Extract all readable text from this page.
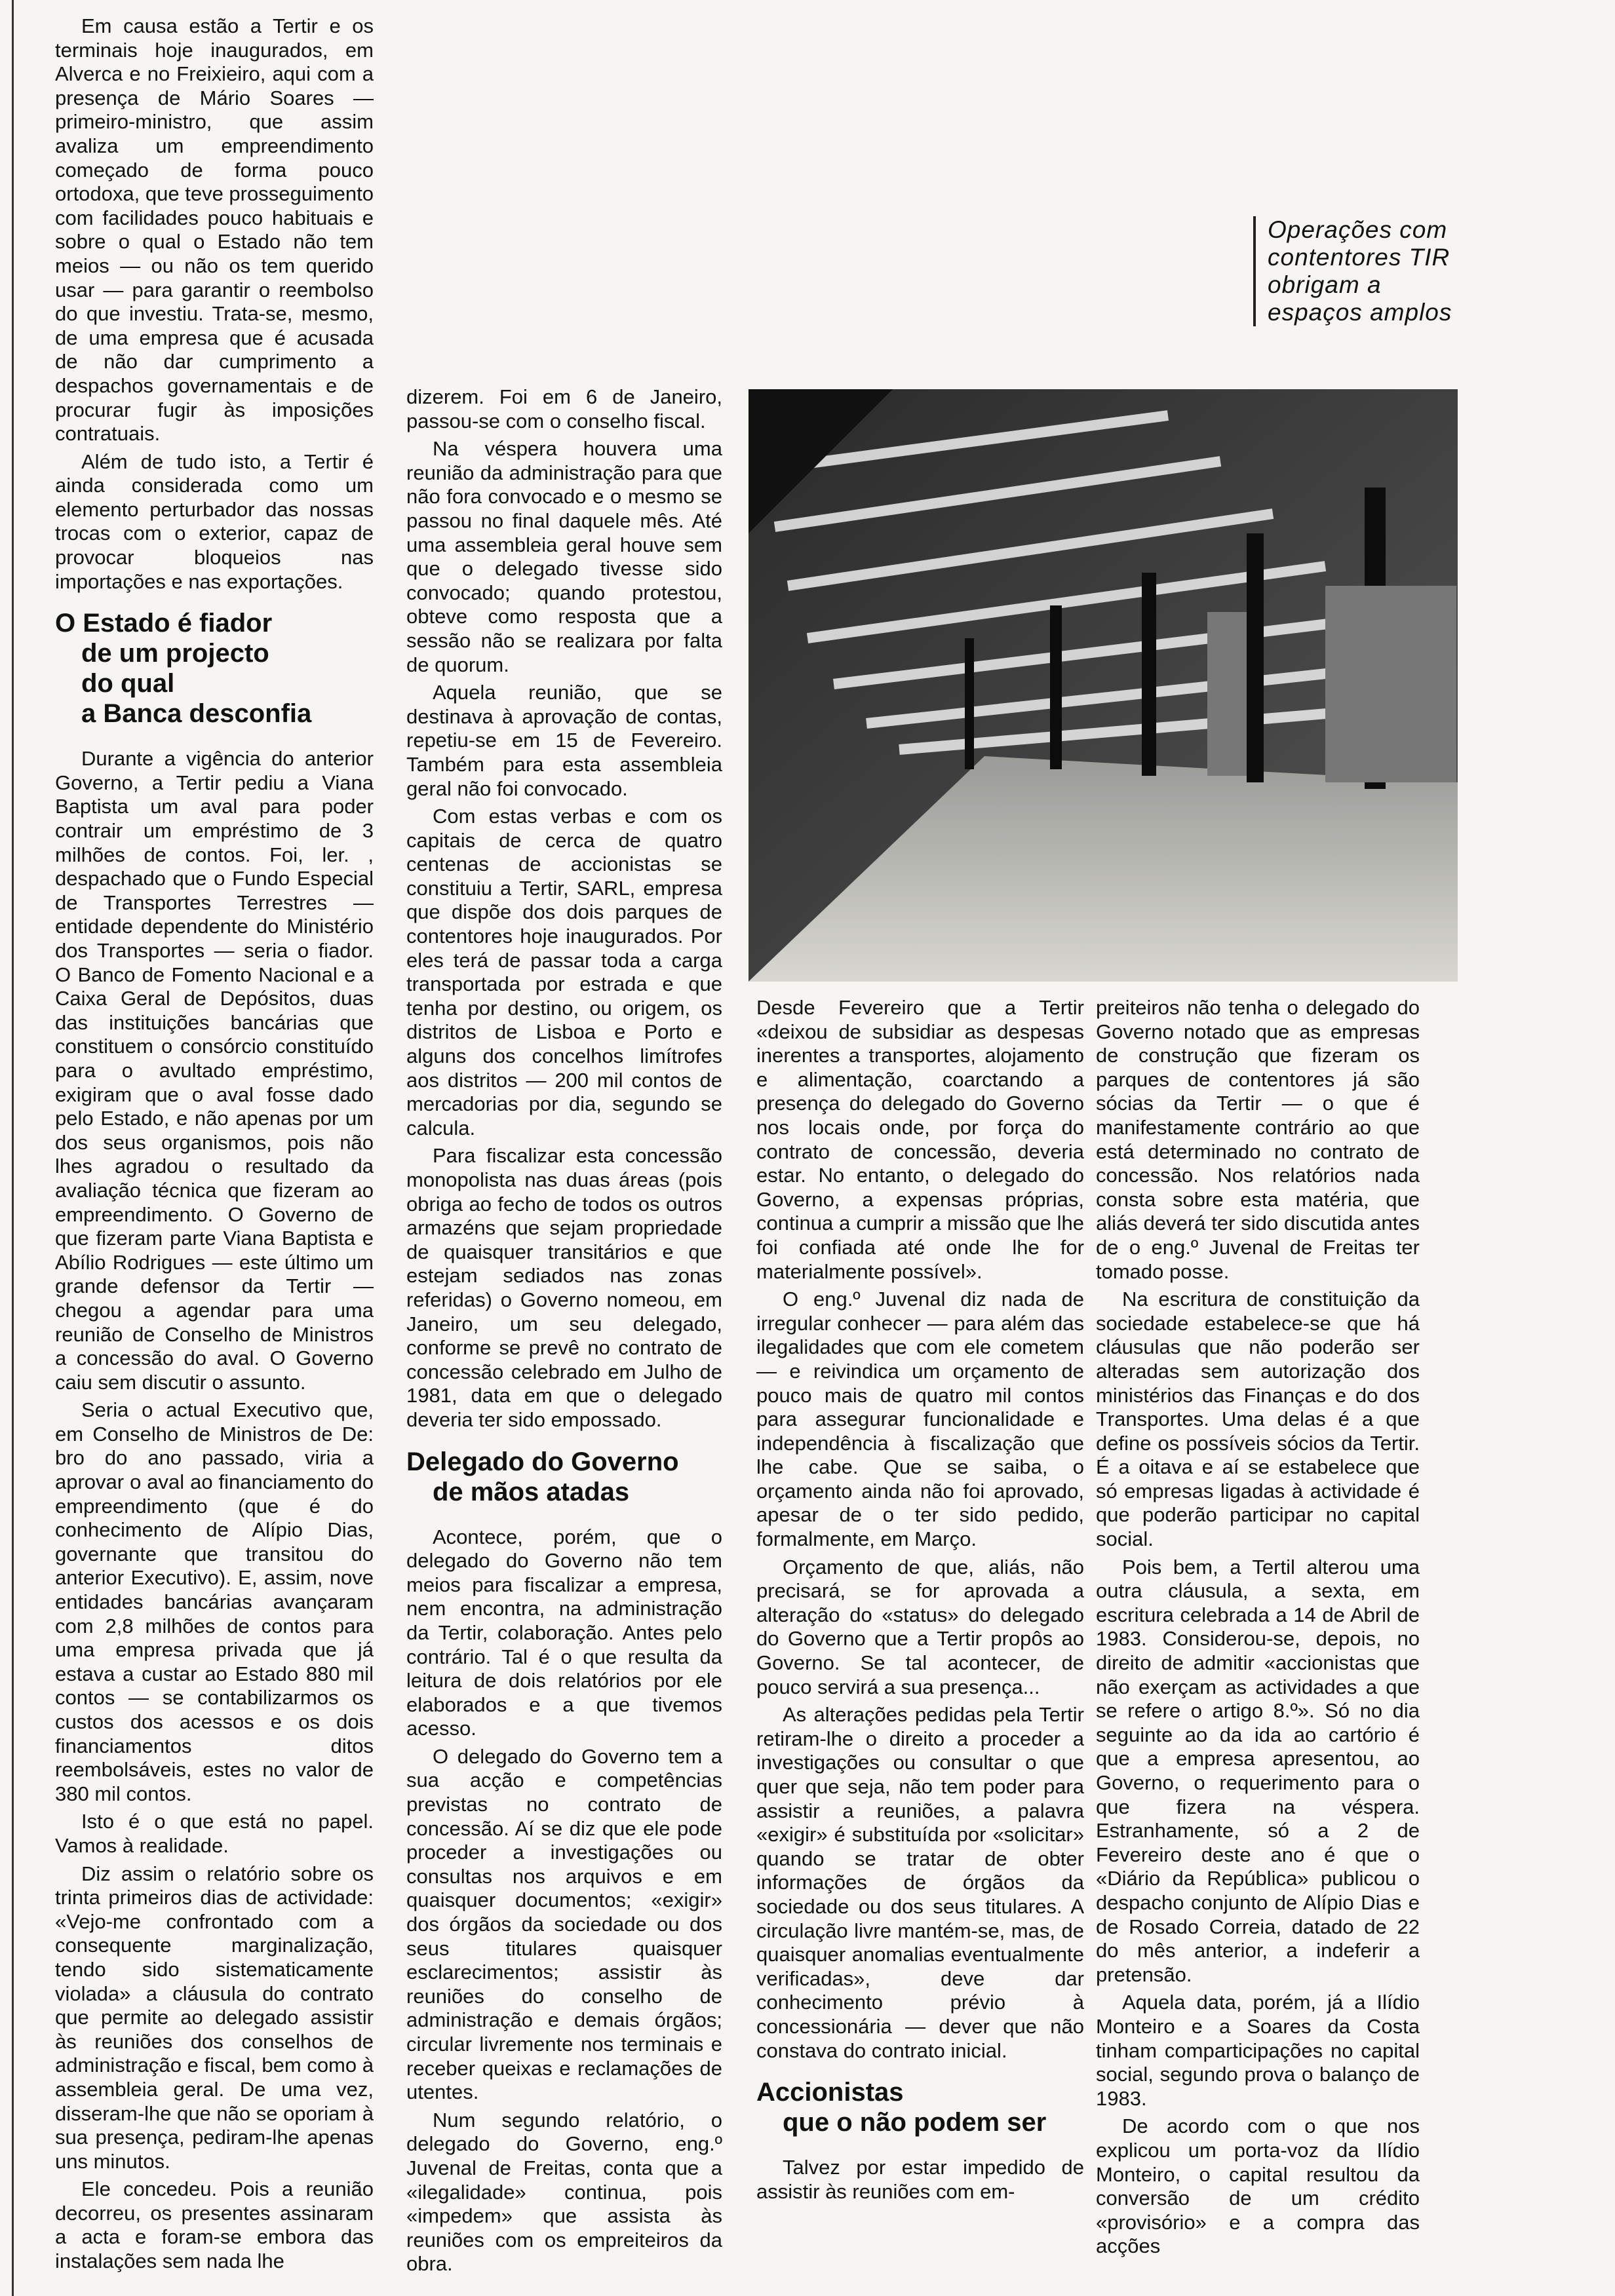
Em causa estão a Tertir e os terminais hoje inaugurados, em Alverca e no Freixieiro, aqui com a presença de Mário Soares — primeiro-ministro, que assim avaliza um empreendimento começado de forma pouco ortodoxa, que teve prosseguimento com facilidades pouco habituais e sobre o qual o Estado não tem meios — ou não os tem querido usar — para garantir o reembolso do que investiu. Trata-se, mesmo, de uma empresa que é acusada de não dar cumprimento a despachos governamentais e de procurar fugir às imposições contratuais.

Além de tudo isto, a Tertir é ainda considerada como um elemento perturbador das nossas trocas com o exterior, capaz de provocar bloqueios nas importações e nas exportações.

O Estado é fiador
de um projecto
do qual
a Banca desconfia

Durante a vigência do anterior Governo, a Tertir pediu a Viana Baptista um aval para poder contrair um empréstimo de 3 milhões de contos. Foi, ler. , despachado que o Fundo Especial de Transportes Terrestres — entidade dependente do Ministério dos Transportes — seria o fiador. O Banco de Fomento Nacional e a Caixa Geral de Depósitos, duas das instituições bancárias que constituem o consórcio constituído para o avultado empréstimo, exigiram que o aval fosse dado pelo Estado, e não apenas por um dos seus organismos, pois não lhes agradou o resultado da avaliação técnica que fizeram ao empreendimento. O Governo de que fizeram parte Viana Baptista e Abílio Rodrigues — este último um grande defensor da Tertir — chegou a agendar para uma reunião de Conselho de Ministros a concessão do aval. O Governo caiu sem discutir o assunto.

Seria o actual Executivo que, em Conselho de Ministros de De: bro do ano passado, viria a aprovar o aval ao financiamento do empreendimento (que é do conhecimento de Alípio Dias, governante que transitou do anterior Executivo). E, assim, nove entidades bancárias avançaram com 2,8 milhões de contos para uma empresa privada que já estava a custar ao Estado 880 mil contos — se contabilizarmos os custos dos acessos e os dois financiamentos ditos reembolsáveis, estes no valor de 380 mil contos.

Isto é o que está no papel. Vamos à realidade.

Diz assim o relatório sobre os trinta primeiros dias de actividade: «Vejo-me confrontado com a consequente marginalização, tendo sido sistematicamente violada» a cláusula do contrato que permite ao delegado assistir às reuniões dos conselhos de administração e fiscal, bem como à assembleia geral. De uma vez, disseram-lhe que não se oporiam à sua presença, pediram-lhe apenas uns minutos.

Ele concedeu. Pois a reunião decorreu, os presentes assinaram a acta e foram-se embora das instalações sem nada lhe

dizerem. Foi em 6 de Janeiro, passou-se com o conselho fiscal.

Na véspera houvera uma reunião da administração para que não fora convocado e o mesmo se passou no final daquele mês. Até uma assembleia geral houve sem que o delegado tivesse sido convocado; quando protestou, obteve como resposta que a sessão não se realizara por falta de quorum.

Aquela reunião, que se destinava à aprovação de contas, repetiu-se em 15 de Fevereiro. Também para esta assembleia geral não foi convocado.

Com estas verbas e com os capitais de cerca de quatro centenas de accionistas se constituiu a Tertir, SARL, empresa que dispõe dos dois parques de contentores hoje inaugurados. Por eles terá de passar toda a carga transportada por estrada e que tenha por destino, ou origem, os distritos de Lisboa e Porto e alguns dos concelhos limítrofes aos distritos — 200 mil contos de mercadorias por dia, segundo se calcula.

Para fiscalizar esta concessão monopolista nas duas áreas (pois obriga ao fecho de todos os outros armazéns que sejam propriedade de quaisquer transitários e que estejam sediados nas zonas referidas) o Governo nomeou, em Janeiro, um seu delegado, conforme se prevê no contrato de concessão celebrado em Julho de 1981, data em que o delegado deveria ter sido empossado.

Delegado do Governo
de mãos atadas

Acontece, porém, que o delegado do Governo não tem meios para fiscalizar a empresa, nem encontra, na administração da Tertir, colaboração. Antes pelo contrário. Tal é o que resulta da leitura de dois relatórios por ele elaborados e a que tivemos acesso.

O delegado do Governo tem a sua acção e competências previstas no contrato de concessão. Aí se diz que ele pode proceder a investigações ou consultas nos arquivos e em quaisquer documentos; «exigir» dos órgãos da sociedade ou dos seus titulares quaisquer esclarecimentos; assistir às reuniões do conselho de administração e demais órgãos; circular livremente nos terminais e receber queixas e reclamações de utentes.

Num segundo relatório, o delegado do Governo, eng.º Juvenal de Freitas, conta que a «ilegalidade» continua, pois «impedem» que assista às reuniões com os empreiteiros da obra.

Operações com contentores TIR obrigam a espaços amplos

Desde Fevereiro que a Tertir «deixou de subsidiar as despesas inerentes a transportes, alojamento e alimentação, coarctando a presença do delegado do Governo nos locais onde, por força do contrato de concessão, deveria estar. No entanto, o delegado do Governo, a expensas próprias, continua a cumprir a missão que lhe foi confiada até onde lhe for materialmente possível».

O eng.º Juvenal diz nada de irregular conhecer — para além das ilegalidades que com ele cometem — e reivindica um orçamento de pouco mais de quatro mil contos para assegurar funcionalidade e independência à fiscalização que lhe cabe. Que se saiba, o orçamento ainda não foi aprovado, apesar de o ter sido pedido, formalmente, em Março.

Orçamento de que, aliás, não precisará, se for aprovada a alteração do «status» do delegado do Governo que a Tertir propôs ao Governo. Se tal acontecer, de pouco servirá a sua presença...

As alterações pedidas pela Tertir retiram-lhe o direito a proceder a investigações ou consultar o que quer que seja, não tem poder para assistir a reuniões, a palavra «exigir» é substituída por «solicitar» quando se tratar de obter informações de órgãos da sociedade ou dos seus titulares. A circulação livre mantém-se, mas, de quaisquer anomalias eventualmente verificadas», deve dar conhecimento prévio à concessionária — dever que não constava do contrato inicial.

Accionistas
que o não podem ser

Talvez por estar impedido de assistir às reuniões com em-

preiteiros não tenha o delegado do Governo notado que as empresas de construção que fizeram os parques de contentores já são sócias da Tertir — o que é manifestamente contrário ao que está determinado no contrato de concessão. Nos relatórios nada consta sobre esta matéria, que aliás deverá ter sido discutida antes de o eng.º Juvenal de Freitas ter tomado posse.

Na escritura de constituição da sociedade estabelece-se que há cláusulas que não poderão ser alteradas sem autorização dos ministérios das Finanças e do dos Transportes. Uma delas é a que define os possíveis sócios da Tertir. É a oitava e aí se estabelece que só empresas ligadas à actividade é que poderão participar no capital social.

Pois bem, a Tertil alterou uma outra cláusula, a sexta, em escritura celebrada a 14 de Abril de 1983. Considerou-se, depois, no direito de admitir «accionistas que não exerçam as actividades a que se refere o artigo 8.º». Só no dia seguinte ao da ida ao cartório é que a empresa apresentou, ao Governo, o requerimento para o que fizera na véspera. Estranhamente, só a 2 de Fevereiro deste ano é que o «Diário da República» publicou o despacho conjunto de Alípio Dias e de Rosado Correia, datado de 22 do mês anterior, a indeferir a pretensão.

Aquela data, porém, já a Ilídio Monteiro e a Soares da Costa tinham comparticipações no capital social, segundo prova o balanço de 1983.

De acordo com o que nos explicou um porta-voz da Ilídio Monteiro, o capital resultou da conversão de um crédito «provisório» e a compra das acções
